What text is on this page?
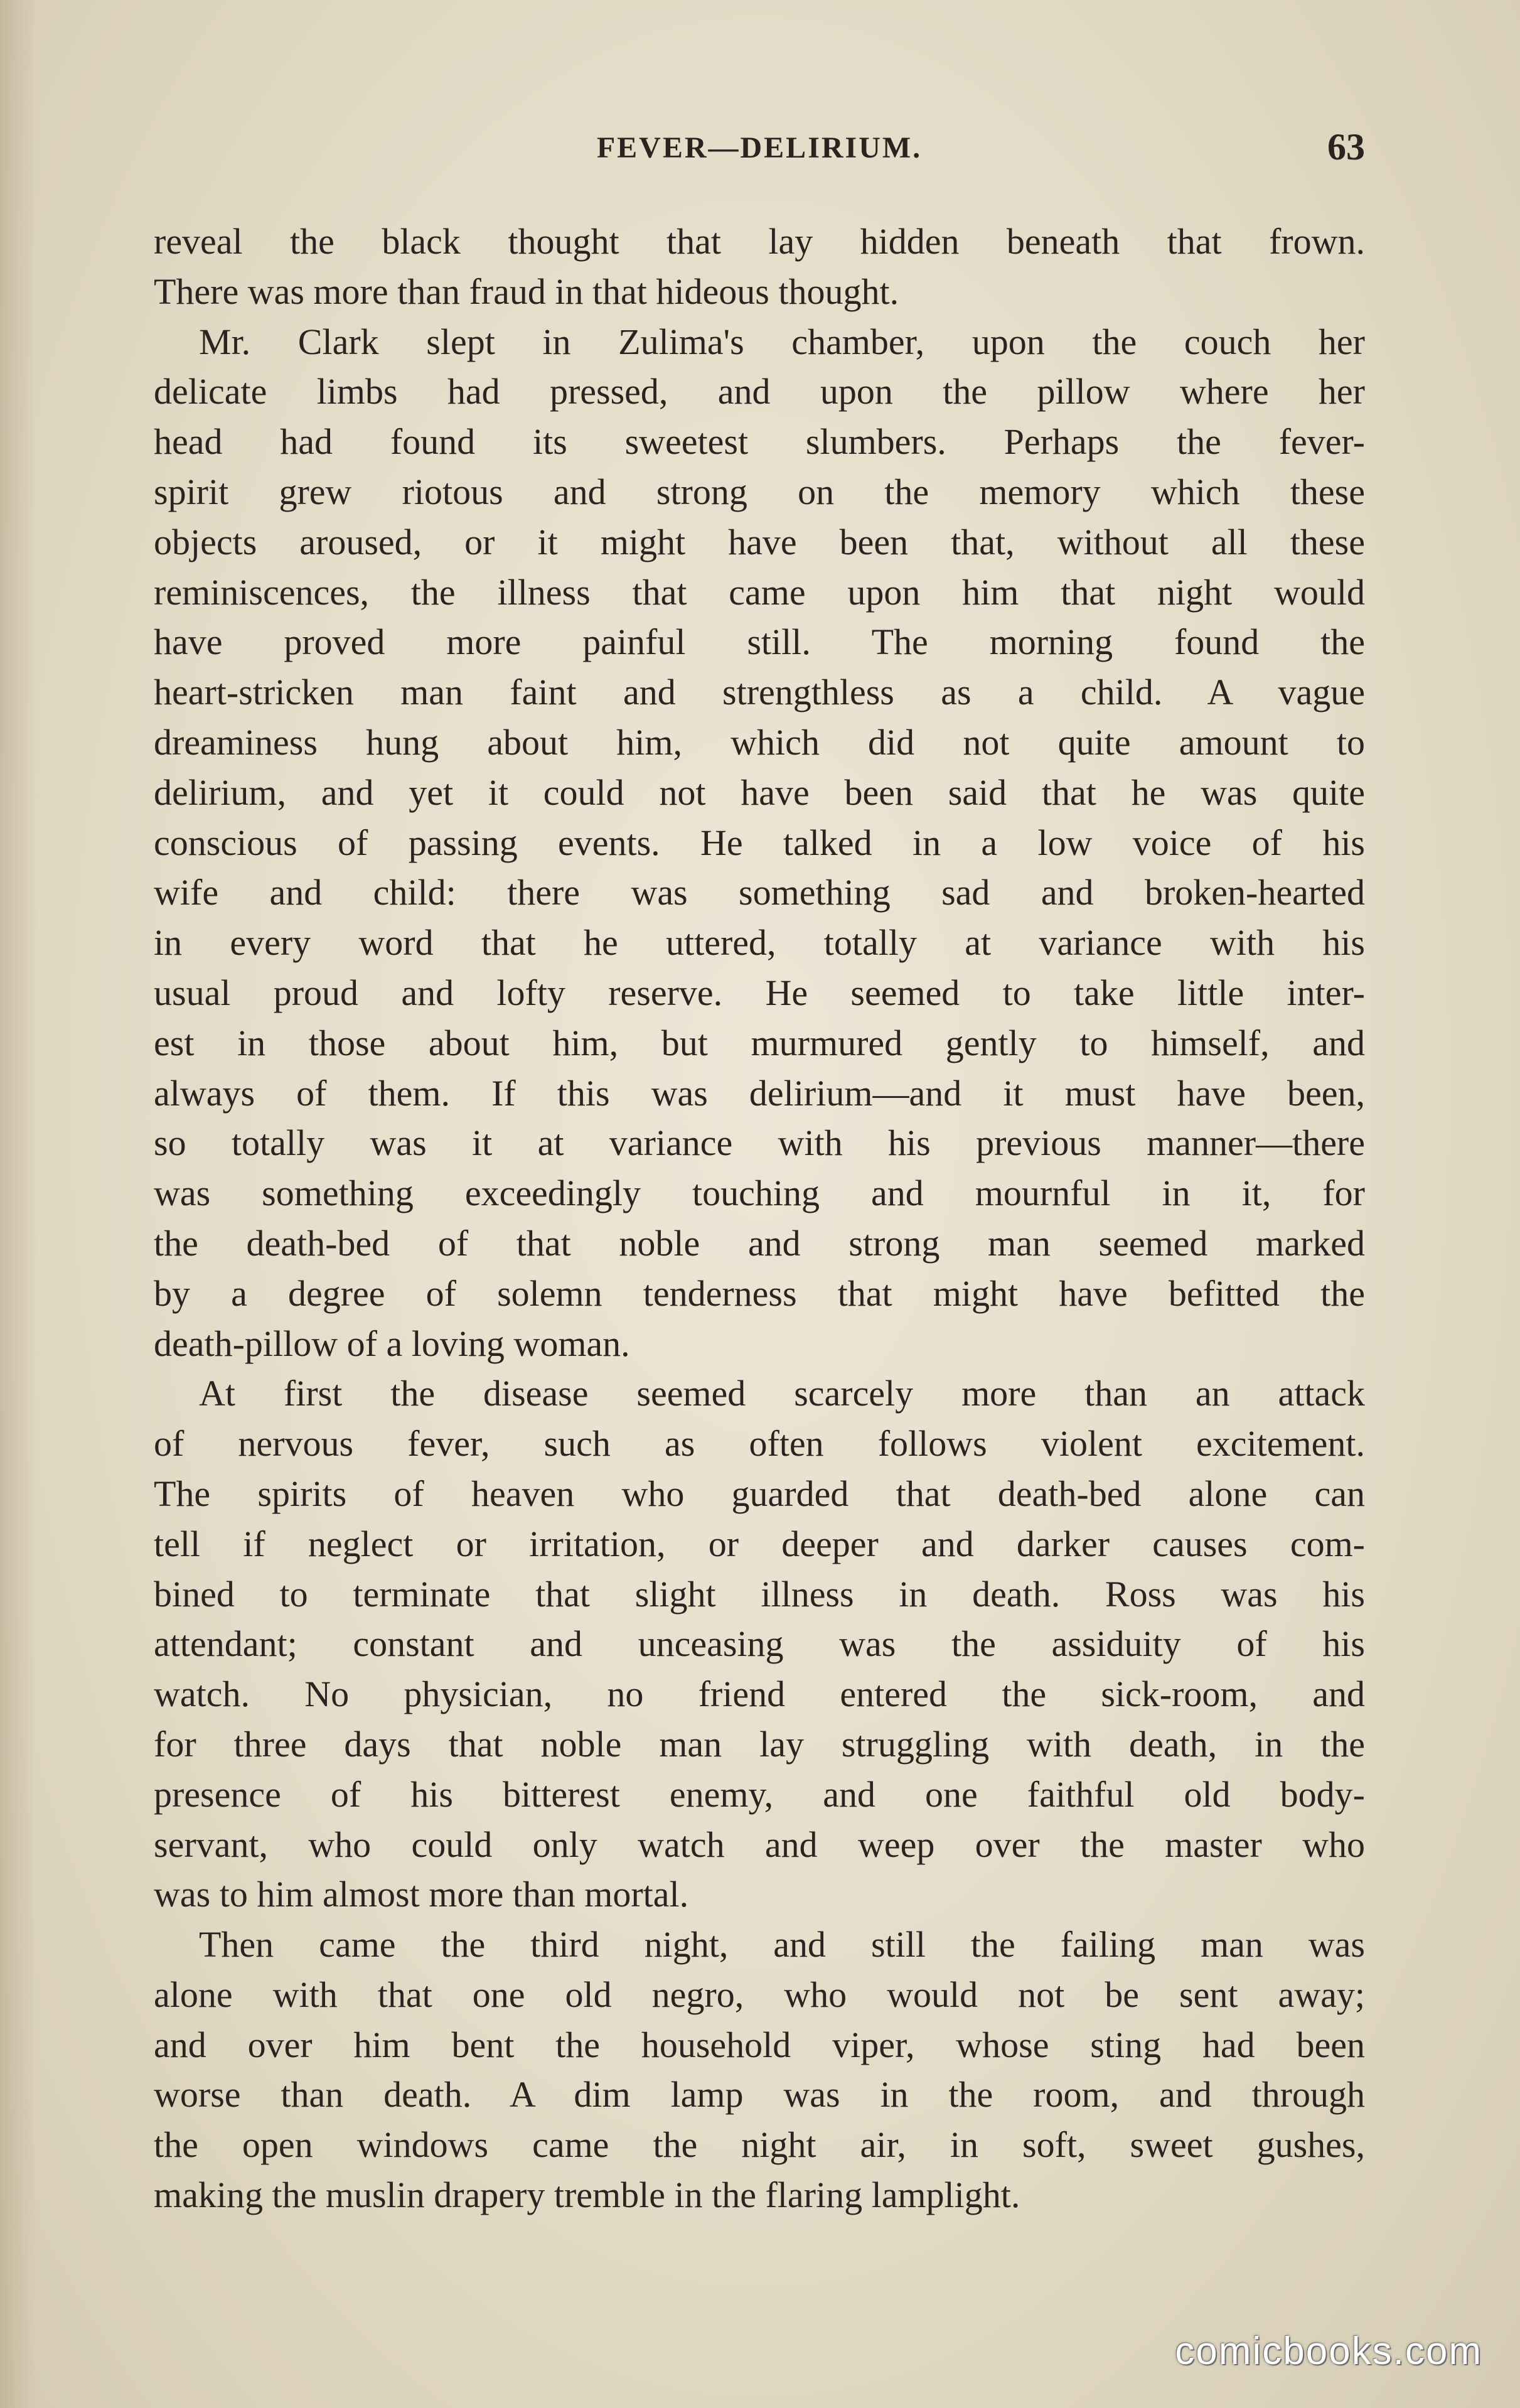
FEVER—DELIRIUM.	63

reveal the black thought that lay hidden beneath that frown.
There was more than fraud in that hideous thought.

Mr. Clark slept in Zulima's chamber, upon the couch her
delicate limbs had pressed, and upon the pillow where her
head had found its sweetest slumbers. Perhaps the fever-
spirit grew riotous and strong on the memory which these
objects aroused, or it might have been that, without all these
reminiscences, the illness that came upon him that night would
have proved more painful still. The morning found the
heart-stricken man faint and strengthless as a child. A vague
dreaminess hung about him, which did not quite amount to
delirium, and yet it could not have been said that he was quite
conscious of passing events. He talked in a low voice of his
wife and child: there was something sad and broken-hearted
in every word that he uttered, totally at variance with his
usual proud and lofty reserve. He seemed to take little inter-
est in those about him, but murmured gently to himself, and
always of them. If this was delirium—and it must have been,
so totally was it at variance with his previous manner—there
was something exceedingly touching and mournful in it, for
the death-bed of that noble and strong man seemed marked
by a degree of solemn tenderness that might have befitted the
death-pillow of a loving woman.

At first the disease seemed scarcely more than an attack
of nervous fever, such as often follows violent excitement.
The spirits of heaven who guarded that death-bed alone can
tell if neglect or irritation, or deeper and darker causes com-
bined to terminate that slight illness in death. Ross was his
attendant; constant and unceasing was the assiduity of his
watch. No physician, no friend entered the sick-room, and
for three days that noble man lay struggling with death, in the
presence of his bitterest enemy, and one faithful old body-
servant, who could only watch and weep over the master who
was to him almost more than mortal.

Then came the third night, and still the failing man was
alone with that one old negro, who would not be sent away;
and over him bent the household viper, whose sting had been
worse than death. A dim lamp was in the room, and through
the open windows came the night air, in soft, sweet gushes,
making the muslin drapery tremble in the flaring lamplight.

comicbooks.com
